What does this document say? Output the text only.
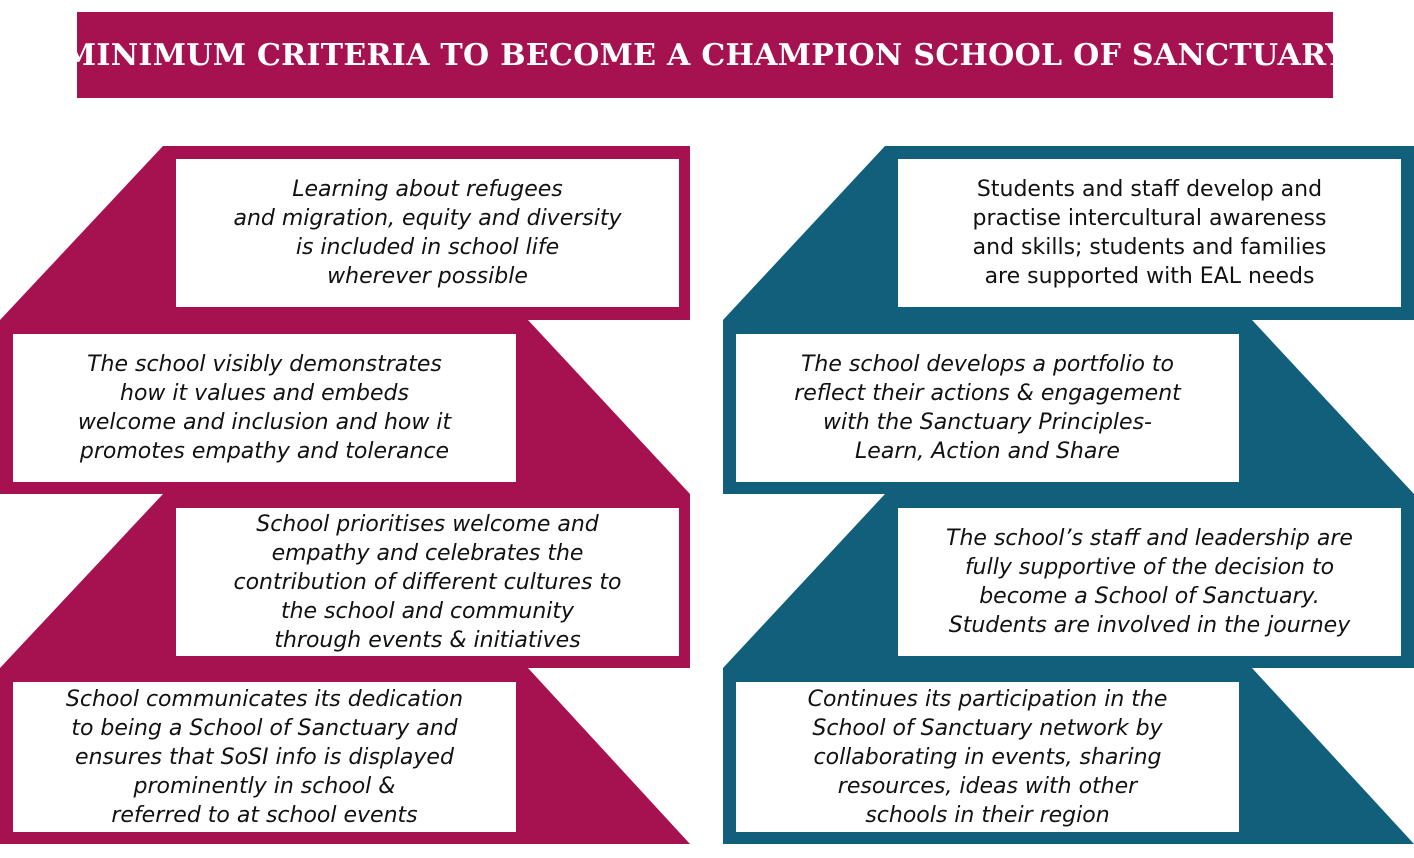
MINIMUM CRITERIA TO BECOME A CHAMPION SCHOOL OF SANCTUARY
Learning about refugees
and migration, equity and diversity
is included in school life
wherever possible
The school visibly demonstrates
how it values and embeds
welcome and inclusion and how it
promotes empathy and tolerance
School prioritises welcome and
empathy and celebrates the
contribution of different cultures to
the school and community
through events & initiatives
School communicates its dedication
to being a School of Sanctuary and
ensures that SoSI info is displayed
prominently in school &
referred to at school events
Students and staff develop and
practise intercultural awareness
and skills; students and families
are supported with EAL needs
The school develops a portfolio to
reflect their actions & engagement
with the Sanctuary Principles-
Learn, Action and Share
The school’s staff and leadership are
fully supportive of the decision to
become a School of Sanctuary.
Students are involved in the journey
Continues its participation in the
School of Sanctuary network by
collaborating in events, sharing
resources, ideas with other
schools in their region
